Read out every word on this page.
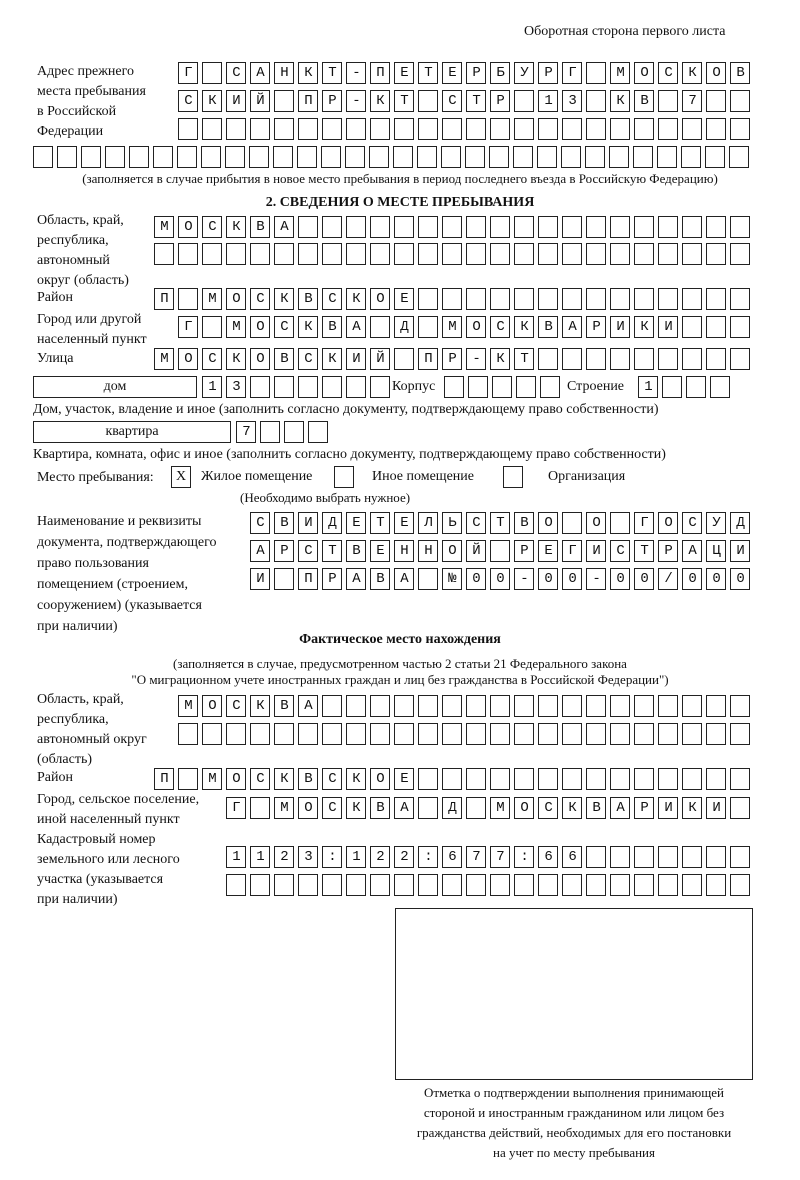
Оборотная сторона первого листа
Адрес прежнего
места пребывания
в Российской
Федерации
Г САНКТ-ПЕТЕРБУРГ МОСКОВ
СКИЙ ПР-КТ СТР 13 КВ 7

(заполняется в случае прибытия в новое место пребывания в период последнего въезда в Российскую Федерацию)
2. СВЕДЕНИЯ О МЕСТЕ ПРЕБЫВАНИЯ
Область, край,
республика,
автономный
округ (область)
МОСКВА

Район	П МОСКВСКОЕ
Город или другой
населенный пункт
Г МОСКВА Д МОСКВАРИКИ
Улица	МОСКОВСКИЙ ПР-КТ
дом	13
Корпус
	Строение	1
Дом, участок, владение и иное (заполнить согласно документу, подтверждающему право собственности)
квартира	7
Квартира, комната, офис и иное (заполнить согласно документу, подтверждающему право собственности)
Место пребывания:	X	Жилое помещение	Иное помещение	Организация
(Необходимо выбрать нужное)
Наименование и реквизиты
документа, подтверждающего
право пользования
помещением (строением,
сооружением) (указывается
при наличии)
СВИДЕТЕЛЬСТВО О ГОСУД
АРСТВЕННОЙ РЕГИСТРАЦИ
И ПРАВА №00-00-00/000
Фактическое место нахождения
(заполняется в случае, предусмотренном частью 2 статьи 21 Федерального закона
"О миграционном учете иностранных граждан и лиц без гражданства в Российской Федерации")
Область, край,
республика,
автономный округ
(область)
МОСКВА

Район	П МОСКВСКОЕ
Город, сельское поселение,
иной населенный пункт
Г МОСКВА Д МОСКВАРИКИ
Кадастровый номер
земельного или лесного
участка (указывается
при наличии)
1123:122:677:66

Отметка о подтверждении выполнения принимающей
стороной и иностранным гражданином или лицом без
гражданства действий, необходимых для его постановки
на учет по месту пребывания
